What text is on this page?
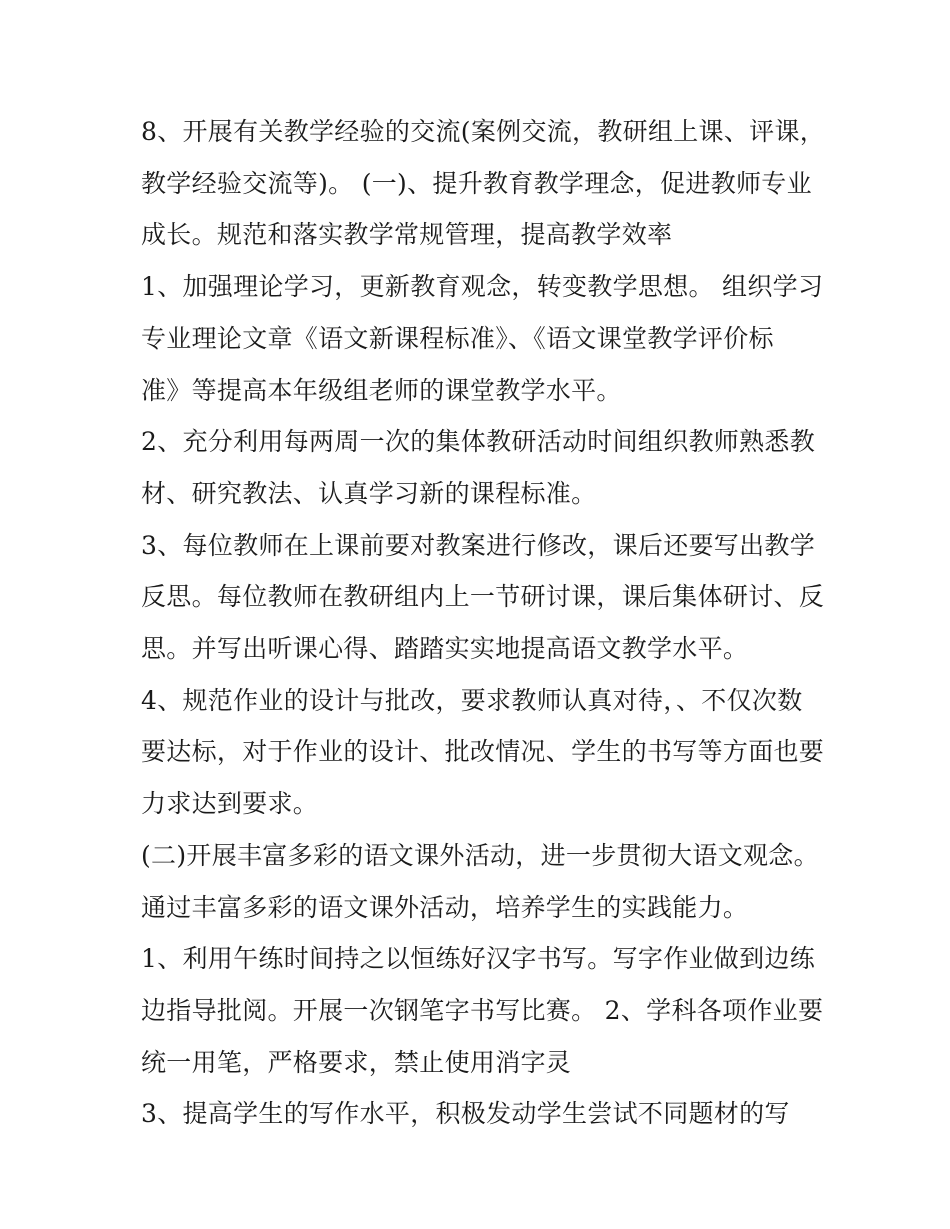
8、开展有关教学经验的交流(案例交流，教研组上课、评课，
教学经验交流等)。 (一)、提升教育教学理念，促进教师专业
成长。规范和落实教学常规管理，提高教学效率
1、加强理论学习，更新教育观念，转变教学思想。 组织学习
专业理论文章《语文新课程标准》、《语文课堂教学评价标
准》等提高本年级组老师的课堂教学水平。
2、充分利用每两周一次的集体教研活动时间组织教师熟悉教
材、研究教法、认真学习新的课程标准。
3、每位教师在上课前要对教案进行修改，课后还要写出教学
反思。每位教师在教研组内上一节研讨课，课后集体研讨、反
思。并写出听课心得、踏踏实实地提高语文教学水平。
4、规范作业的设计与批改，要求教师认真对待，、不仅次数
要达标，对于作业的设计、批改情况、学生的书写等方面也要
力求达到要求。
(二)开展丰富多彩的语文课外活动，进一步贯彻大语文观念。
通过丰富多彩的语文课外活动，培养学生的实践能力。
1、利用午练时间持之以恒练好汉字书写。写字作业做到边练
边指导批阅。开展一次钢笔字书写比赛。 2、学科各项作业要
统一用笔，严格要求，禁止使用消字灵
3、提高学生的写作水平，积极发动学生尝试不同题材的写
